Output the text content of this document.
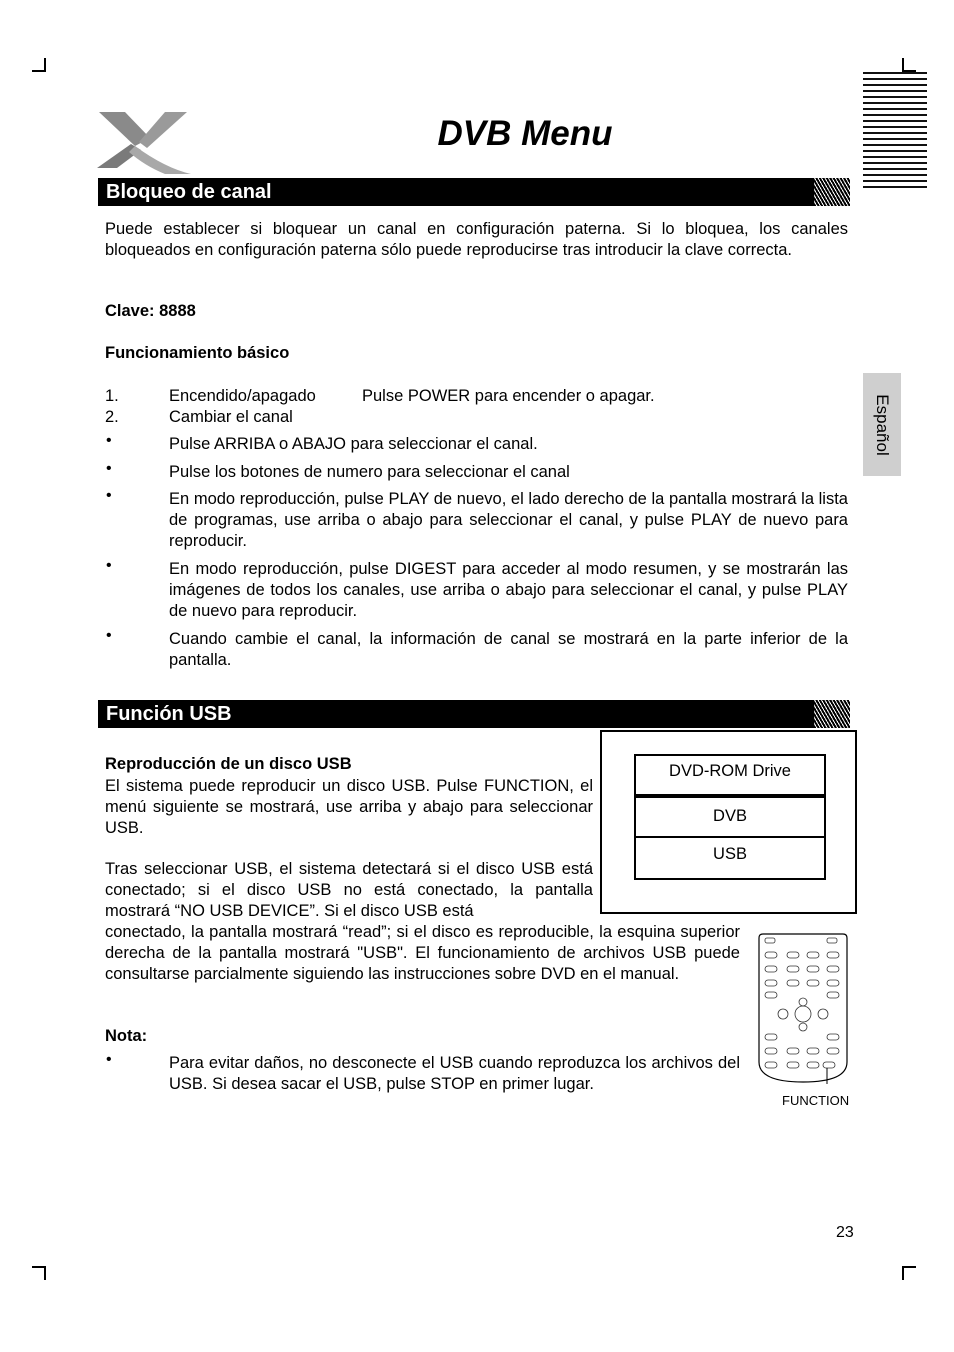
DVB Menu
Español
Bloqueo de canal
Puede establecer si bloquear un canal en configuración paterna. Si lo bloquea, los canales bloqueados en configuración paterna sólo puede reproducirse tras introducir la clave correcta.
Clave: 8888
Funcionamiento básico
1.	Encendido/apagado	Pulse POWER para encender o apagar.
2.	Cambiar el canal
•	Pulse ARRIBA o ABAJO para seleccionar el canal.
•	Pulse los botones de numero para seleccionar el canal
•	En modo reproducción, pulse PLAY de nuevo, el lado derecho de la pantalla mostrará la lista de programas, use arriba o abajo para seleccionar el canal, y pulse PLAY de nuevo para reproducir.
•	En modo reproducción, pulse DIGEST para acceder al modo resumen, y se mostrarán las imágenes de todos los canales, use arriba o abajo para seleccionar el canal, y pulse PLAY de nuevo para reproducir.
•	Cuando cambie el canal, la información de canal se mostrará en la parte inferior de la pantalla.
Función USB
Reproducción de un disco USB
El sistema puede reproducir un disco USB. Pulse FUNCTION, el menú siguiente se mostrará, use arriba y abajo para seleccionar USB.
Tras seleccionar USB, el sistema detectará si el disco USB está conectado; si el disco USB no está conectado, la pantalla mostrará “NO USB DEVICE”. Si el disco USB está
conectado, la pantalla mostrará “read”; si el disco es reproducible, la esquina superior derecha de la pantalla mostrará "USB". El funcionamiento de archivos USB puede consultarse parcialmente siguiendo las instrucciones sobre DVD en el manual.
Nota:
•	Para evitar daños, no desconecte el USB cuando reproduzca los archivos del USB. Si desea sacar el USB, pulse STOP en primer lugar.
DVD-ROM Drive
DVB
USB
FUNCTION
23
